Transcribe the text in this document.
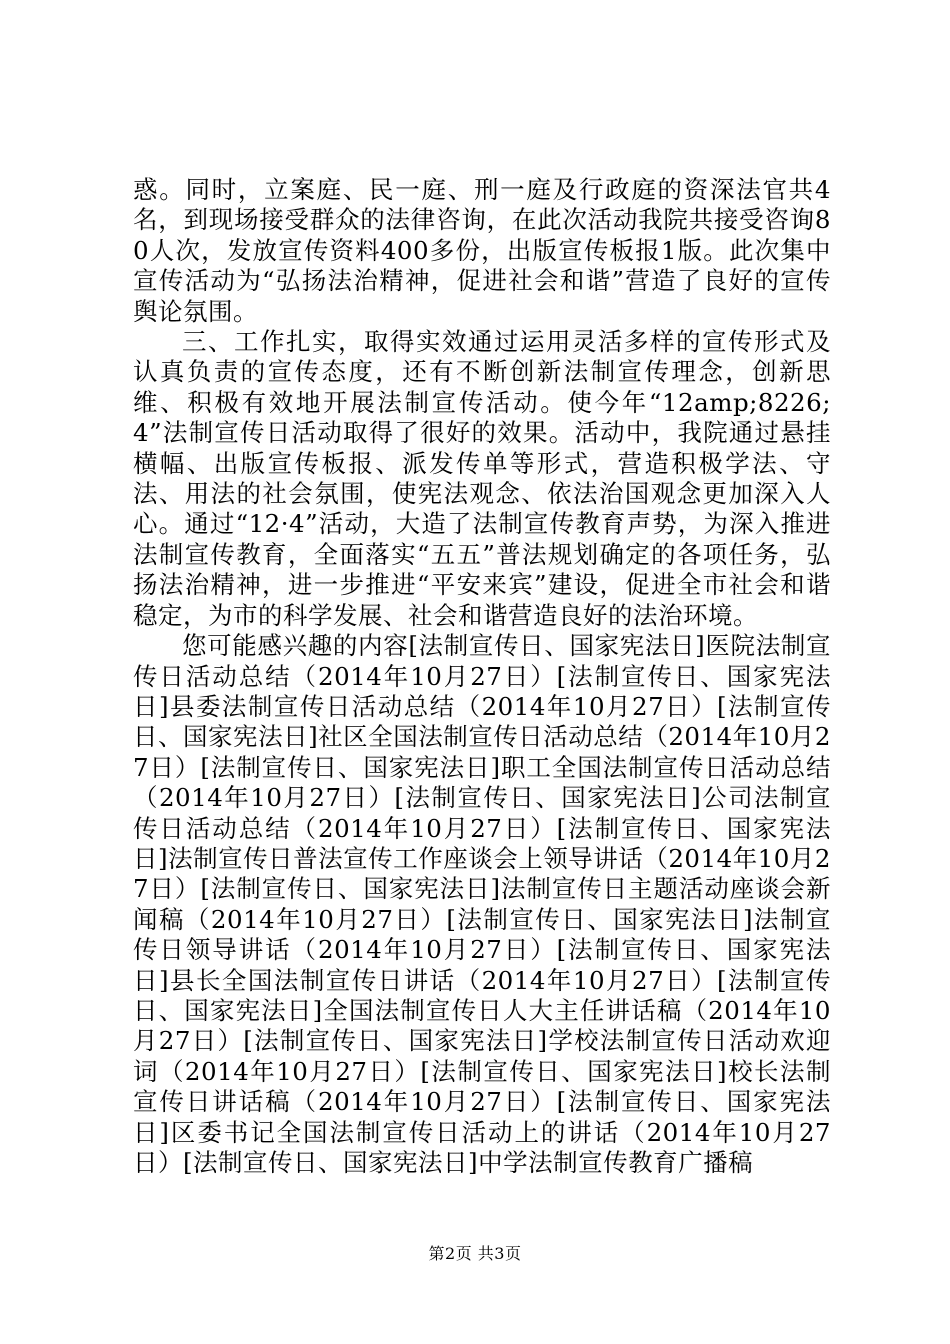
惑。同时，立案庭、民一庭、刑一庭及行政庭的资深法官共4名，到现场接受群众的法律咨询，在此次活动我院共接受咨询80人次，发放宣传资料400多份，出版宣传板报1版。此次集中宣传活动为“弘扬法治精神，促进社会和谐”营造了良好的宣传舆论氛围。

三、工作扎实，取得实效通过运用灵活多样的宣传形式及认真负责的宣传态度，还有不断创新法制宣传理念，创新思维、积极有效地开展法制宣传活动。使今年“12amp;8226;4”法制宣传日活动取得了很好的效果。活动中，我院通过悬挂横幅、出版宣传板报、派发传单等形式，营造积极学法、守法、用法的社会氛围，使宪法观念、依法治国观念更加深入人心。通过“12·4”活动，大造了法制宣传教育声势，为深入推进法制宣传教育，全面落实“五五”普法规划确定的各项任务，弘扬法治精神，进一步推进“平安来宾”建设，促进全市社会和谐稳定，为市的科学发展、社会和谐营造良好的法治环境。

您可能感兴趣的内容[法制宣传日、国家宪法日]医院法制宣传日活动总结（2014年10月27日）[法制宣传日、国家宪法日]县委法制宣传日活动总结（2014年10月27日）[法制宣传日、国家宪法日]社区全国法制宣传日活动总结（2014年10月27日）[法制宣传日、国家宪法日]职工全国法制宣传日活动总结（2014年10月27日）[法制宣传日、国家宪法日]公司法制宣传日活动总结（2014年10月27日）[法制宣传日、国家宪法日]法制宣传日普法宣传工作座谈会上领导讲话（2014年10月27日）[法制宣传日、国家宪法日]法制宣传日主题活动座谈会新闻稿（2014年10月27日）[法制宣传日、国家宪法日]法制宣传日领导讲话（2014年10月27日）[法制宣传日、国家宪法日]县长全国法制宣传日讲话（2014年10月27日）[法制宣传日、国家宪法日]全国法制宣传日人大主任讲话稿（2014年10月27日）[法制宣传日、国家宪法日]学校法制宣传日活动欢迎词（2014年10月27日）[法制宣传日、国家宪法日]校长法制宣传日讲话稿（2014年10月27日）[法制宣传日、国家宪法日]区委书记全国法制宣传日活动上的讲话（2014年10月27日）[法制宣传日、国家宪法日]中学法制宣传教育广播稿

第2页 共3页
